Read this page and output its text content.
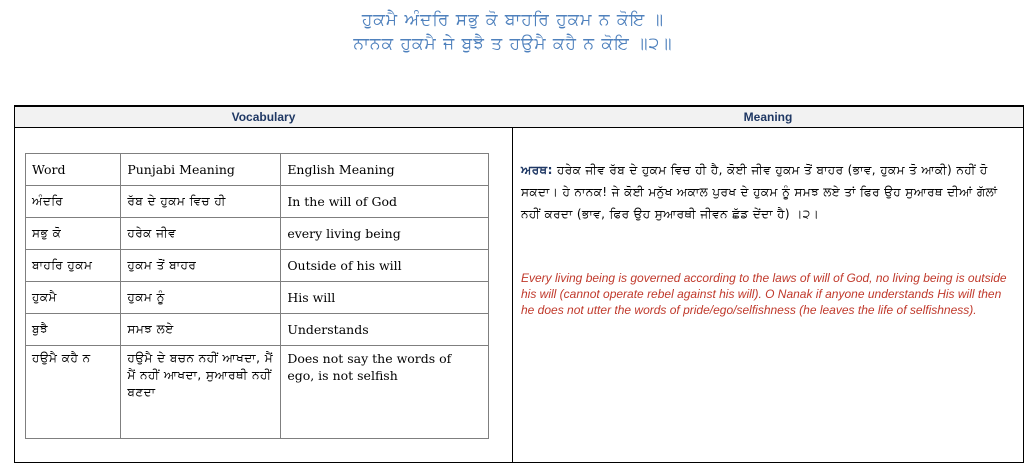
ਹੁਕਮੈ ਅੰਦਰਿ ਸਭੁ ਕੋ ਬਾਹਰਿ ਹੁਕਮ ਨ ਕੋਇ ॥
ਨਾਨਕ ਹੁਕਮੈ ਜੇ ਬੁਝੈ ਤ ਹਉਮੈ ਕਹੈ ਨ ਕੋਇ ॥੨॥
Vocabulary	Meaning
Word	Punjabi Meaning	English Meaning
ਅੰਦਰਿ	ਰੱਬ ਦੇ ਹੁਕਮ ਵਿਚ ਹੀ	In the will of God
ਸਭੁ ਕੋ	ਹਰੇਕ ਜੀਵ	every living being
ਬਾਹਰਿ ਹੁਕਮ	ਹੁਕਮ ਤੋਂ ਬਾਹਰ	Outside of his will
ਹੁਕਮੈ	ਹੁਕਮ ਨੂੰ	His will
ਬੁਝੈ	ਸਮਝ ਲਏ	Understands
ਹਉਮੈ ਕਹੈ ਨ	ਹਉਮੈ ਦੇ ਬਚਨ ਨਹੀਂ ਆਖਦਾ, ਮੈਂ ਮੈਂ ਨਹੀਂ ਆਖਦਾ, ਸੁਆਰਥੀ ਨਹੀਂ ਬਣਦਾ	Does not say the words of ego, is not selfish
ਅਰਥ: ਹਰੇਕ ਜੀਵ ਰੱਬ ਦੇ ਹੁਕਮ ਵਿਚ ਹੀ ਹੈ, ਕੋਈ ਜੀਵ ਹੁਕਮ ਤੋਂ ਬਾਹਰ (ਭਾਵ, ਹੁਕਮ ਤੋ ਆਕੀ) ਨਹੀਂ ਹੋ ਸਕਦਾ। ਹੇ ਨਾਨਕ! ਜੇ ਕੋਈ ਮਨੁੱਖ ਅਕਾਲ ਪੁਰਖ ਦੇ ਹੁਕਮ ਨੂੰ ਸਮਝ ਲਏ ਤਾਂ ਫਿਰ ਉਹ ਸੁਆਰਥ ਦੀਆਂ ਗੱਲਾਂ ਨਹੀਂ ਕਰਦਾ (ਭਾਵ, ਫਿਰ ਉਹ ਸੁਆਰਥੀ ਜੀਵਨ ਛੱਡ ਦੇਂਦਾ ਹੈ) ।੨।
Every living being is governed according to the laws of will of God, no living being is outside his will (cannot operate rebel against his will). O Nanak if anyone understands His will then he does not utter the words of pride/ego/selfishness (he leaves the life of selfishness).
